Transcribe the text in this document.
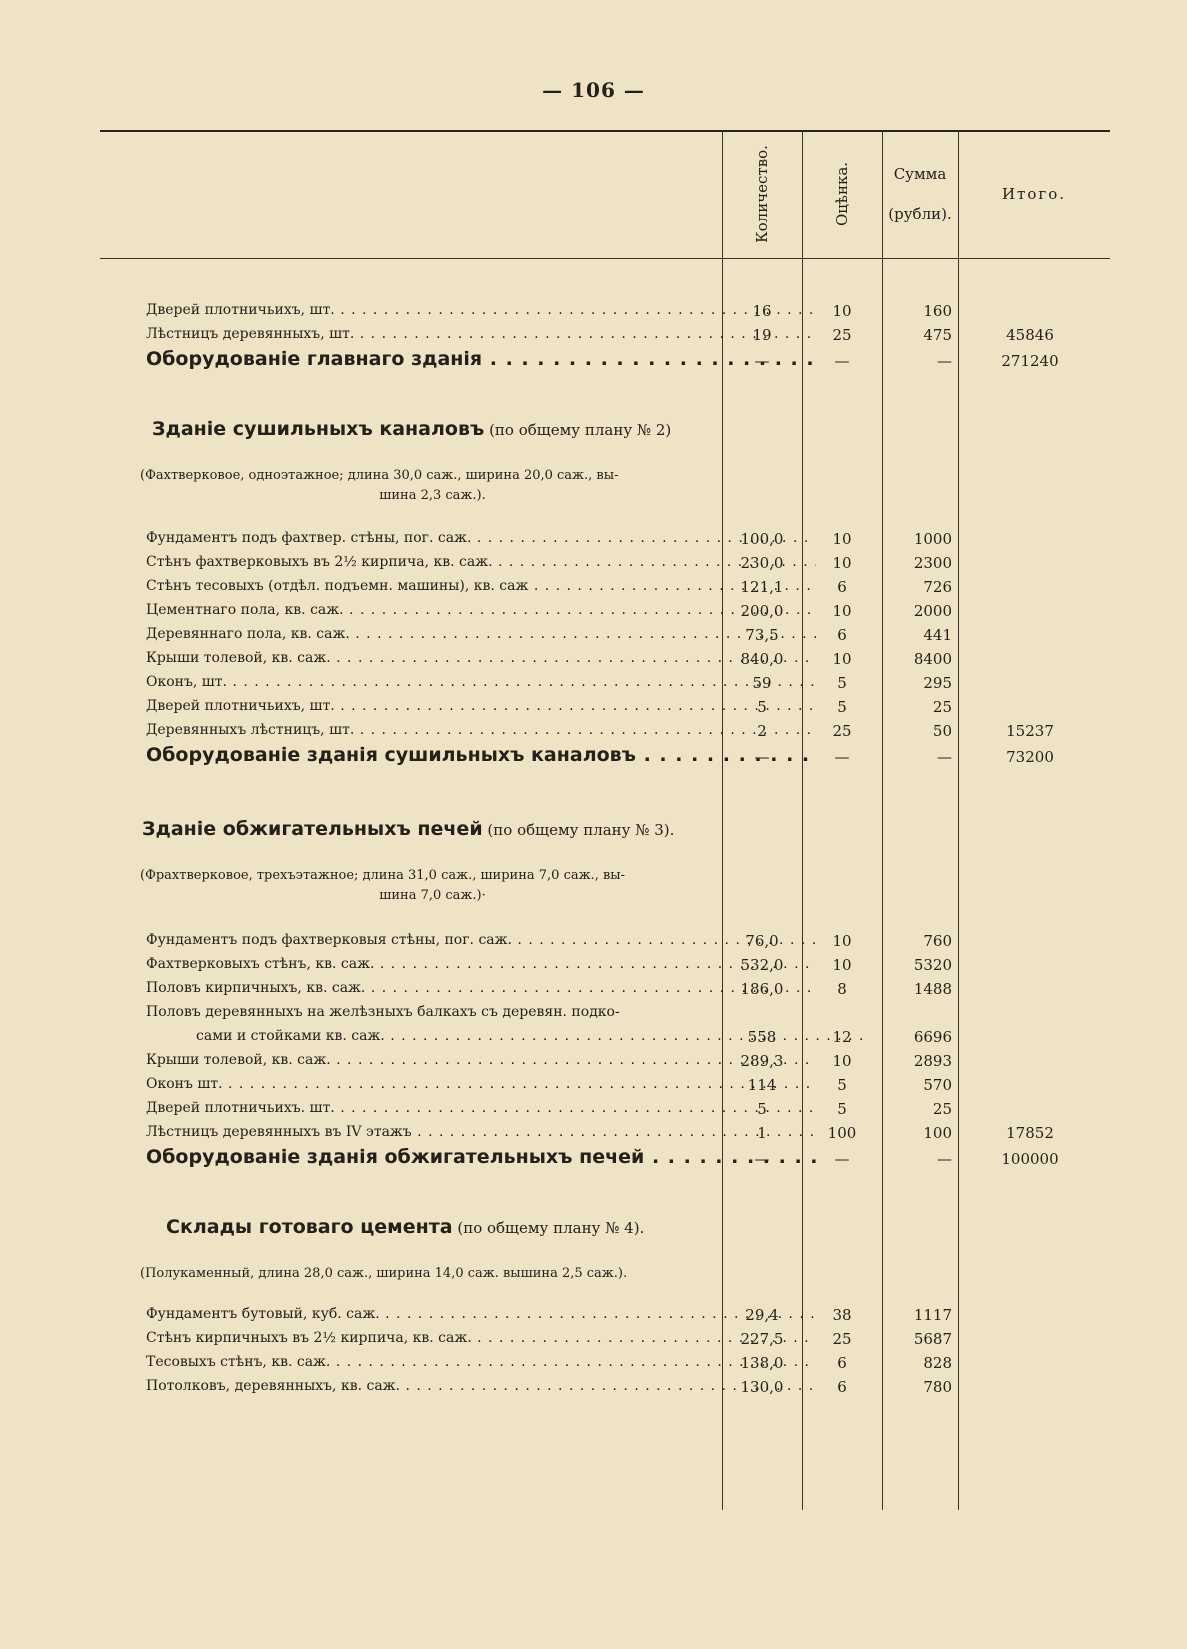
— 106 —
Количество.	Оцѣнка.	Сумма
(рубли).
Итого.
Дверей плотничьихъ, шт. . . .	16	10	160
Лѣстницъ деревянныхъ, шт. . . .	19	25	475	45846
Оборудованіе главнаго зданія . . .	—	—	—	271240
Зданіе сушильныхъ каналовъ (по общему плану № 2)
(Фахтверковое, одноэтажное; длина 30,0 саж., ширина 20,0 саж., вы-

шина 2,3 саж.).
Фундаментъ подъ фахтвер. стѣны, пог. саж. . . .	100,0	10	1000
Стѣнъ фахтверковыхъ въ 2½ кирпича, кв. саж. . . .	230,0	10	2300
Стѣнъ тесовыхъ (отдѣл. подъемн. машины), кв. саж . . .	121,1	6	726
Цементнаго пола, кв. саж. . . .	200,0	10	2000
Деревяннаго пола, кв. саж. . . .	73,5	6	441
Крыши толевой, кв. саж. . . .	840,0	10	8400
Оконъ, шт. . . .	59	5	295
Дверей плотничьихъ, шт. . . .	5	5	25
Деревянныхъ лѣстницъ, шт. . . .	2	25	50	15237
Оборудованіе зданія сушильныхъ каналовъ . . .	—	—	—	73200
Зданіе обжигательныхъ печей (по общему плану № 3).
(Фрахтверковое, трехъэтажное; длина 31,0 саж., ширина 7,0 саж., вы-

шина 7,0 саж.)·
Фундаментъ подъ фахтверковыя стѣны, пог. саж. . . .	76,0	10	760
Фахтверковыхъ стѣнъ, кв. саж. . . .	532,0	10	5320
Половъ кирпичныхъ, кв. саж. . . .	186,0	8	1488
Половъ деревянныхъ на желѣзныхъ балкахъ съ деревян. подко-
сами и стойками кв. саж. . . .	558	12	6696
Крыши толевой, кв. саж. . . .	289,3	10	2893
Оконъ шт. . . .	114	5	570
Дверей плотничьихъ. шт. . . .	5	5	25
Лѣстницъ деревянныхъ въ IV этажъ . . .	1	100	100	17852
Оборудованіе зданія обжигательныхъ печей . . .	—	—	—	100000
Склады готоваго цемента (по общему плану № 4).
(Полукаменный, длина 28,0 саж., ширина 14,0 саж. вышина 2,5 саж.).
Фундаментъ бутовый, куб. саж. . . .	29,4	38	1117
Стѣнъ кирпичныхъ въ 2½ кирпича, кв. саж. . . .	227,5	25	5687
Тесовыхъ стѣнъ, кв. саж. . . .	138,0	6	828
Потолковъ, деревянныхъ, кв. саж. . . .	130,0	6	780
